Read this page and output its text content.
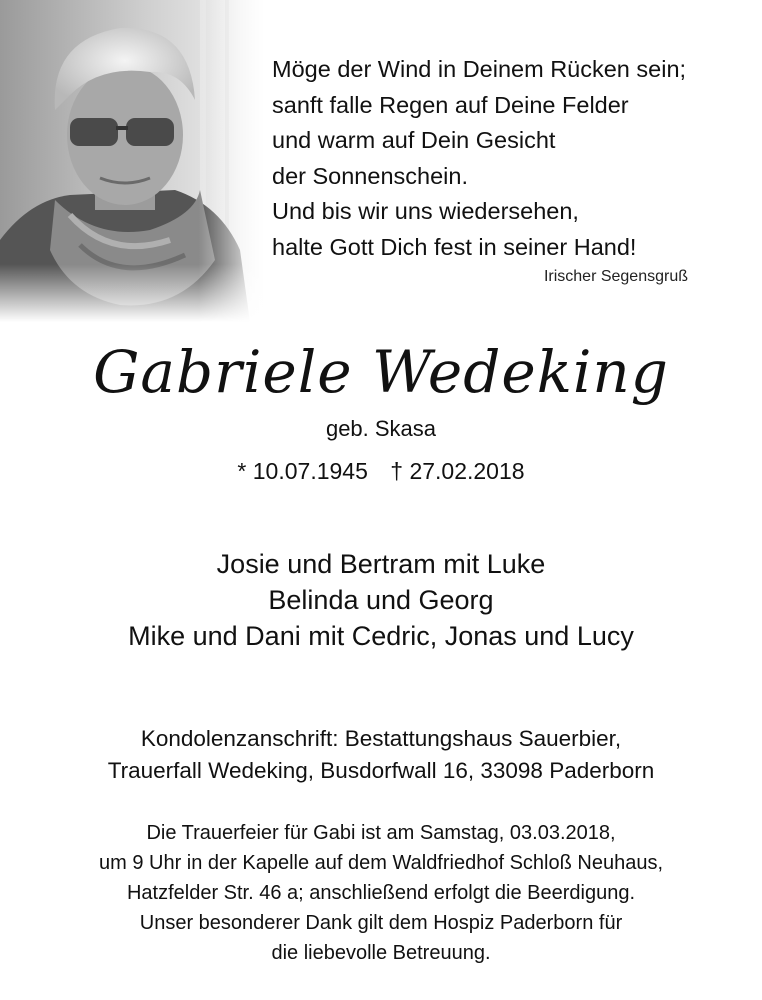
Möge der Wind in Deinem Rücken sein;
sanft falle Regen auf Deine Felder
und warm auf Dein Gesicht
der Sonnenschein.
Und bis wir uns wiedersehen,
halte Gott Dich fest in seiner Hand!
Irischer Segensgruß
Gabriele Wedeking
geb. Skasa
* 10.07.1945 † 27.02.2018
Josie und Bertram mit Luke
Belinda und Georg
Mike und Dani mit Cedric, Jonas und Lucy
Kondolenzanschrift: Bestattungshaus Sauerbier,
Trauerfall Wedeking, Busdorfwall 16, 33098 Paderborn
Die Trauerfeier für Gabi ist am Samstag, 03.03.2018,
um 9 Uhr in der Kapelle auf dem Waldfriedhof Schloß Neuhaus,
Hatzfelder Str. 46 a; anschließend erfolgt die Beerdigung.
Unser besonderer Dank gilt dem Hospiz Paderborn für
die liebevolle Betreuung.
